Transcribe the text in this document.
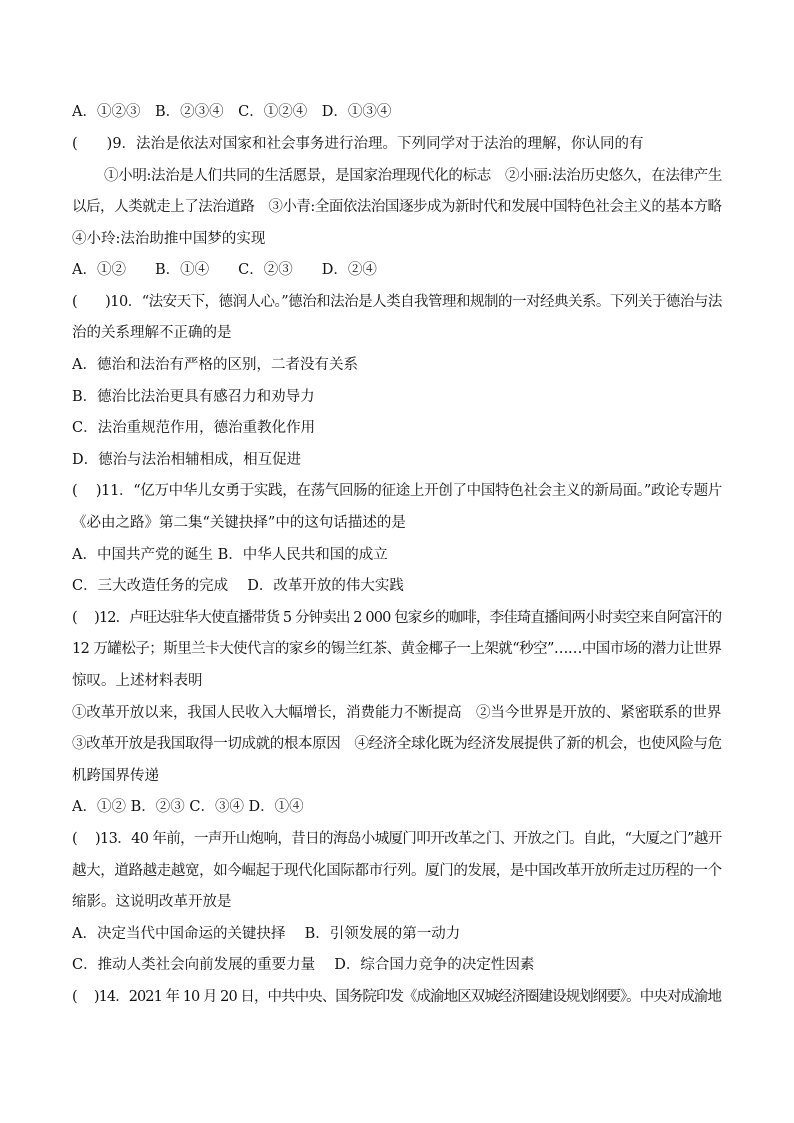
A．①②③　B．②③④　C．①②④　D．①③④
(　　)9．法治是依法对国家和社会事务进行治理。下列同学对于法治的理解，你认同的有
①小明:法治是人们共同的生活愿景，是国家治理现代化的标志　②小丽:法治历史悠久，在法律产生
以后，人类就走上了法治道路　③小青:全面依法治国逐步成为新时代和发展中国特色社会主义的基本方略
④小玲:法治助推中国梦的实现
A．①②　　B．①④　　C．②③　　D．②④
(　　)10．“法安天下，德润人心。”德治和法治是人类自我管理和规制的一对经典关系。下列关于德治与法
治的关系理解不正确的是
A．德治和法治有严格的区别，二者没有关系
B．德治比法治更具有感召力和劝导力
C．法治重规范作用，德治重教化作用
D．德治与法治相辅相成，相互促进
(　 )11．“亿万中华儿女勇于实践，在荡气回肠的征途上开创了中国特色社会主义的新局面。”政论专题片
《必由之路》第二集“关键抉择”中的这句话描述的是
A．中国共产党的诞生 B．中华人民共和国的成立
C．三大改造任务的完成　 D．改革开放的伟大实践
(　 )12．卢旺达驻华大使直播带货 5 分钟卖出 2 000 包家乡的咖啡，李佳琦直播间两小时卖空来自阿富汗的
12 万罐松子；斯里兰卡大使代言的家乡的锡兰红茶、黄金椰子一上架就“秒空”……中国市场的潜力让世界
惊叹。上述材料表明
①改革开放以来，我国人民收入大幅增长，消费能力不断提高　②当今世界是开放的、紧密联系的世界
③改革开放是我国取得一切成就的根本原因　④经济全球化既为经济发展提供了新的机会，也使风险与危
机跨国界传递
A．①② B．②③ C．③④ D．①④
(　 )13．40 年前，一声开山炮响，昔日的海岛小城厦门叩开改革之门、开放之门。自此，“大厦之门”越开
越大，道路越走越宽，如今崛起于现代化国际都市行列。厦门的发展，是中国改革开放所走过历程的一个
缩影。这说明改革开放是
A．决定当代中国命运的关键抉择　 B．引领发展的第一动力
C．推动人类社会向前发展的重要力量　 D．综合国力竞争的决定性因素
(　 )14．2021 年 10 月 20 日，中共中央、国务院印发《成渝地区双城经济圈建设规划纲要》。中央对成渝地
